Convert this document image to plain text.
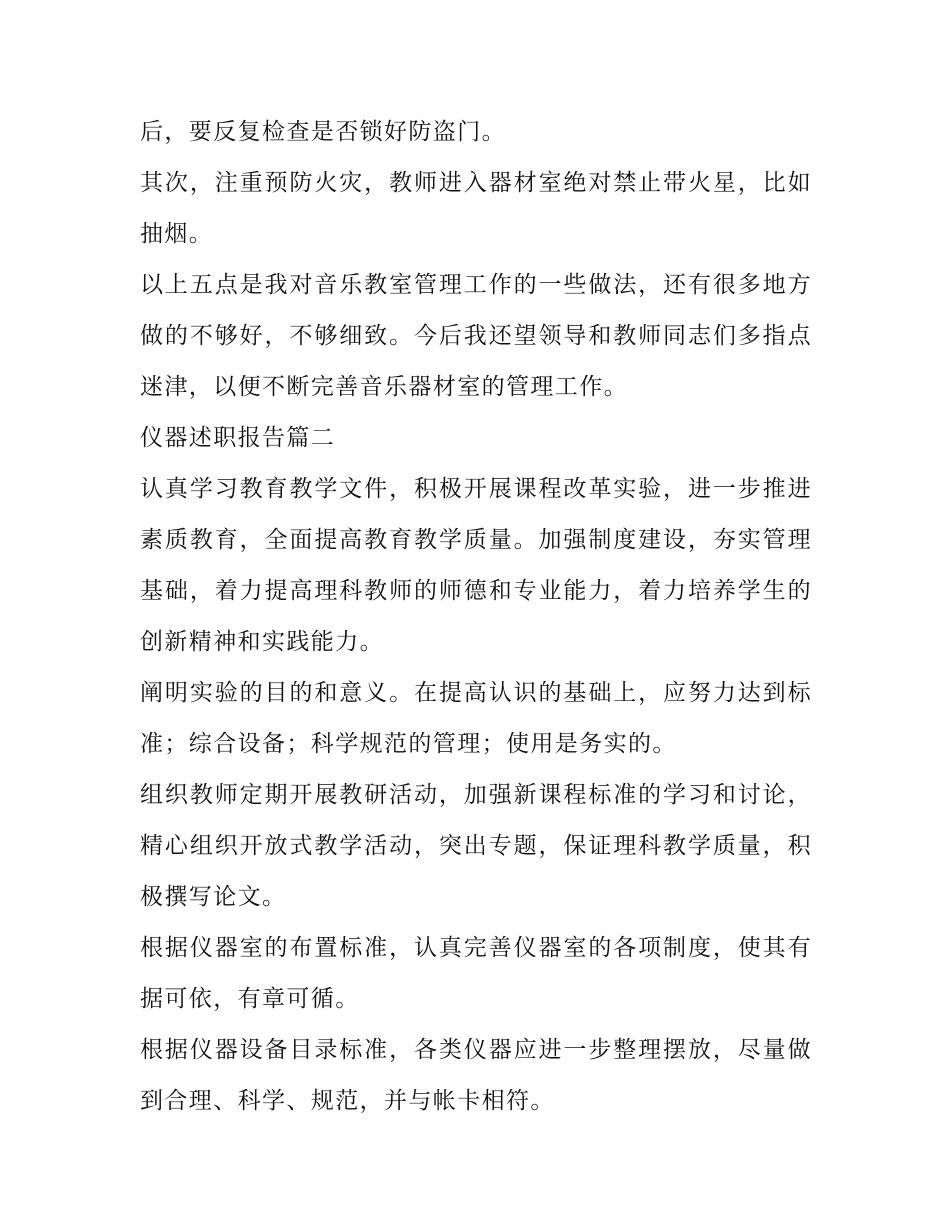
后，要反复检查是否锁好防盗门。

其次，注重预防火灾，教师进入器材室绝对禁止带火星，比如抽烟。

以上五点是我对音乐教室管理工作的一些做法，还有很多地方做的不够好，不够细致。今后我还望领导和教师同志们多指点迷津，以便不断完善音乐器材室的管理工作。

仪器述职报告篇二

认真学习教育教学文件，积极开展课程改革实验，进一步推进素质教育，全面提高教育教学质量。加强制度建设，夯实管理基础，着力提高理科教师的师德和专业能力，着力培养学生的创新精神和实践能力。

阐明实验的目的和意义。在提高认识的基础上，应努力达到标准；综合设备；科学规范的管理；使用是务实的。

组织教师定期开展教研活动，加强新课程标准的学习和讨论，精心组织开放式教学活动，突出专题，保证理科教学质量，积极撰写论文。

根据仪器室的布置标准，认真完善仪器室的各项制度，使其有据可依，有章可循。

根据仪器设备目录标准，各类仪器应进一步整理摆放，尽量做到合理、科学、规范，并与帐卡相符。
